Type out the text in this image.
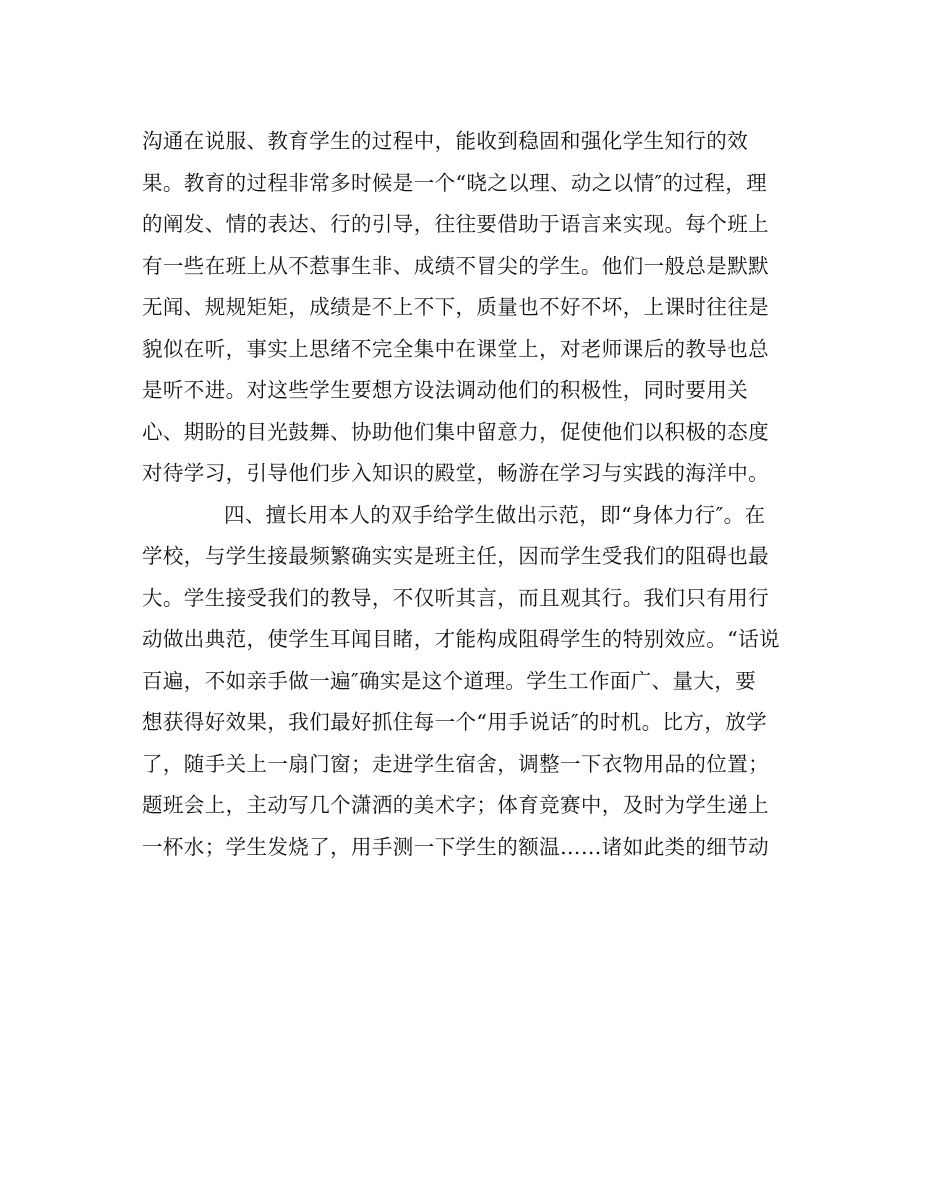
沟通在说服、教育学生的过程中，能收到稳固和强化学生知行的效
果。教育的过程非常多时候是一个“晓之以理、动之以情″的过程，理
的阐发、情的表达、行的引导，往往要借助于语言来实现。每个班上
有一些在班上从不惹事生非、成绩不冒尖的学生。他们一般总是默默
无闻、规规矩矩，成绩是不上不下，质量也不好不坏，上课时往往是
貌似在听，事实上思绪不完全集中在课堂上，对老师课后的教导也总
是听不进。对这些学生要想方设法调动他们的积极性，同时要用关
心、期盼的目光鼓舞、协助他们集中留意力，促使他们以积极的态度
对待学习，引导他们步入知识的殿堂，畅游在学习与实践的海洋中。
四、擅长用本人的双手给学生做出示范，即“身体力行″。在
学校，与学生接最频繁确实实是班主任，因而学生受我们的阻碍也最
大。学生接受我们的教导，不仅听其言，而且观其行。我们只有用行
动做出典范，使学生耳闻目睹，才能构成阻碍学生的特别效应。“话说
百遍，不如亲手做一遍″确实是这个道理。学生工作面广、量大，要
想获得好效果，我们最好抓住每一个“用手说话″的时机。比方，放学
了，随手关上一扇门窗；走进学生宿舍，调整一下衣物用品的位置；
题班会上，主动写几个潇洒的美术字；体育竞赛中，及时为学生递上
一杯水；学生发烧了，用手测一下学生的额温……诸如此类的细节动
